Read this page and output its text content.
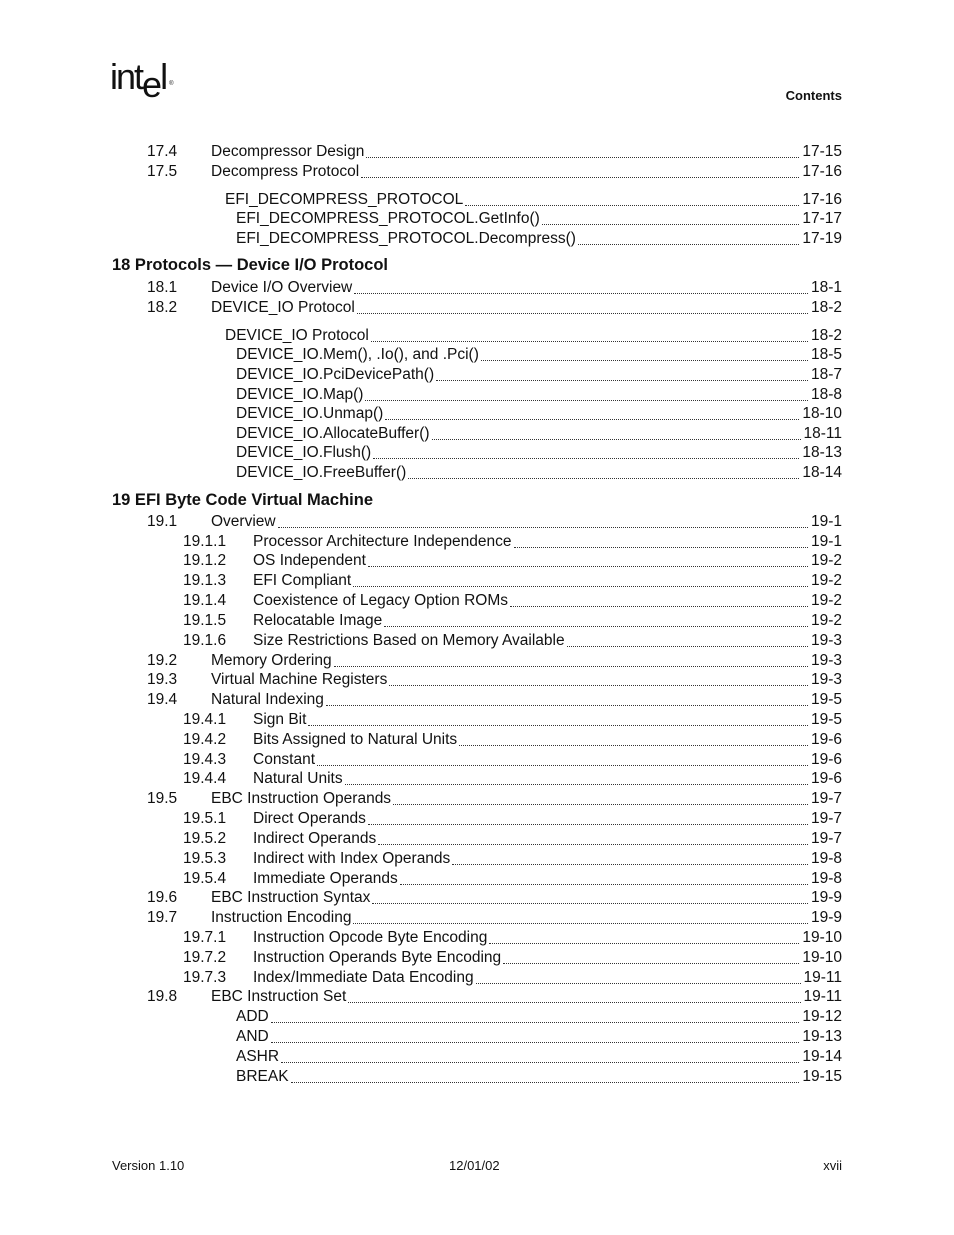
intel ®
Contents
17.4 Decompressor Design	17-15
17.5 Decompress Protocol	17-16
EFI_DECOMPRESS_PROTOCOL	17-16
EFI_DECOMPRESS_PROTOCOL.GetInfo()	17-17
EFI_DECOMPRESS_PROTOCOL.Decompress()	17-19
18 Protocols — Device I/O Protocol
18.1 Device I/O Overview	18-1
18.2 DEVICE_IO Protocol	18-2
DEVICE_IO Protocol	18-2
DEVICE_IO.Mem(), .Io(), and .Pci()	18-5
DEVICE_IO.PciDevicePath()	18-7
DEVICE_IO.Map()	18-8
DEVICE_IO.Unmap()	18-10
DEVICE_IO.AllocateBuffer()	18-11
DEVICE_IO.Flush()	18-13
DEVICE_IO.FreeBuffer()	18-14
19 EFI Byte Code Virtual Machine
19.1 Overview	19-1
19.1.1 Processor Architecture Independence	19-1
19.1.2 OS Independent	19-2
19.1.3 EFI Compliant	19-2
19.1.4 Coexistence of Legacy Option ROMs	19-2
19.1.5 Relocatable Image	19-2
19.1.6 Size Restrictions Based on Memory Available	19-3
19.2 Memory Ordering	19-3
19.3 Virtual Machine Registers	19-3
19.4 Natural Indexing	19-5
19.4.1 Sign Bit	19-5
19.4.2 Bits Assigned to Natural Units	19-6
19.4.3 Constant	19-6
19.4.4 Natural Units	19-6
19.5 EBC Instruction Operands	19-7
19.5.1 Direct Operands	19-7
19.5.2 Indirect Operands	19-7
19.5.3 Indirect with Index Operands	19-8
19.5.4 Immediate Operands	19-8
19.6 EBC Instruction Syntax	19-9
19.7 Instruction Encoding	19-9
19.7.1 Instruction Opcode Byte Encoding	19-10
19.7.2 Instruction Operands Byte Encoding	19-10
19.7.3 Index/Immediate Data Encoding	19-11
19.8 EBC Instruction Set	19-11
ADD	19-12
AND	19-13
ASHR	19-14
BREAK	19-15
Version 1.10	12/01/02	xvii
